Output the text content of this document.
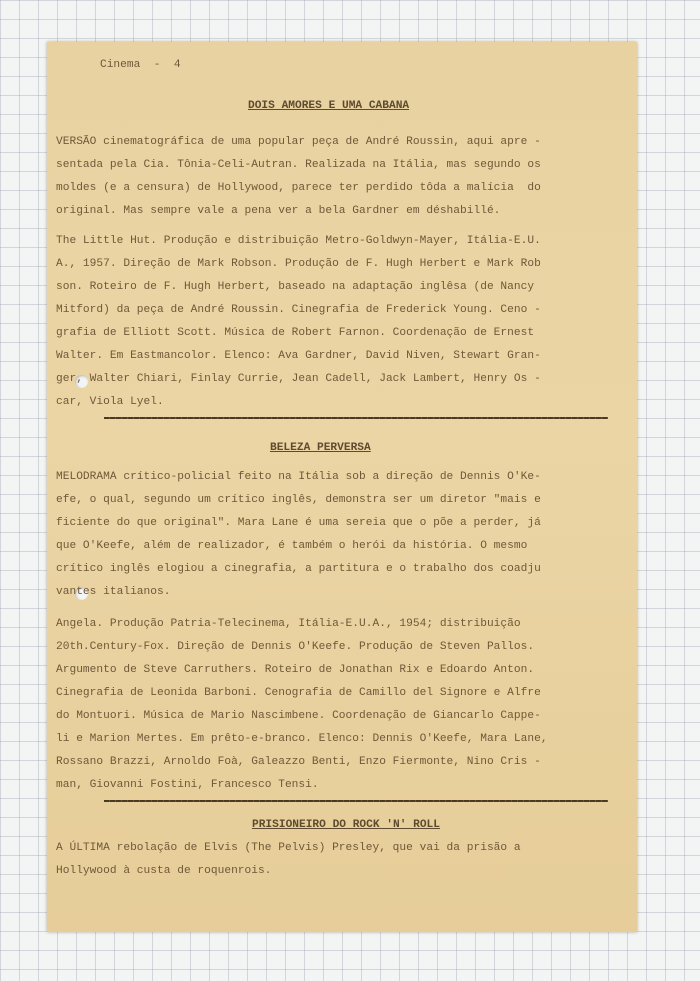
Cinema  -  4

DOIS AMORES E UMA CABANA

VERSÃO cinematográfica de uma popular peça de André Roussin, aqui apre -

sentada pela Cia. Tônia-Celi-Autran. Realizada na Itália, mas segundo os

moldes (e a censura) de Hollywood, parece ter perdido tôda a malícia  do

original. Mas sempre vale a pena ver a bela Gardner em déshabillé.

The Little Hut. Produção e distribuição Metro-Goldwyn-Mayer, Itália-E.U.

A., 1957. Direção de Mark Robson. Produção de F. Hugh Herbert e Mark Rob

son. Roteiro de F. Hugh Herbert, baseado na adaptação inglêsa (de Nancy

Mitford) da peça de André Roussin. Cinegrafia de Frederick Young. Ceno -

grafia de Elliott Scott. Música de Robert Farnon. Coordenação de Ernest

Walter. Em Eastmancolor. Elenco: Ava Gardner, David Niven, Stewart Gran-

ger, Walter Chiari, Finlay Currie, Jean Cadell, Jack Lambert, Henry Os -

car, Viola Lyel.

BELEZA PERVERSA

MELODRAMA crítico-policial feito na Itália sob a direção de Dennis O'Ke-

efe, o qual, segundo um crítico inglês, demonstra ser um diretor "mais e

ficiente do que original". Mara Lane é uma sereia que o põe a perder, já

que O'Keefe, além de realizador, é também o herói da história. O mesmo

crítico inglês elogiou a cinegrafia, a partitura e o trabalho dos coadju

vantes italianos.

Angela. Produção Patria-Telecinema, Itália-E.U.A., 1954; distribuição

20th.Century-Fox. Direção de Dennis O'Keefe. Produção de Steven Pallos.

Argumento de Steve Carruthers. Roteiro de Jonathan Rix e Edoardo Anton.

Cinegrafia de Leonida Barboni. Cenografia de Camillo del Signore e Alfre

do Montuori. Música de Mario Nascimbene. Coordenação de Giancarlo Cappe-

li e Marion Mertes. Em prêto-e-branco. Elenco: Dennis O'Keefe, Mara Lane,

Rossano Brazzi, Arnoldo Foà, Galeazzo Benti, Enzo Fiermonte, Nino Cris -

man, Giovanni Fostini, Francesco Tensi.

PRISIONEIRO DO ROCK 'N' ROLL

A ÚLTIMA rebolação de Elvis (The Pelvis) Presley, que vai da prisão a

Hollywood à custa de roquenrois.
